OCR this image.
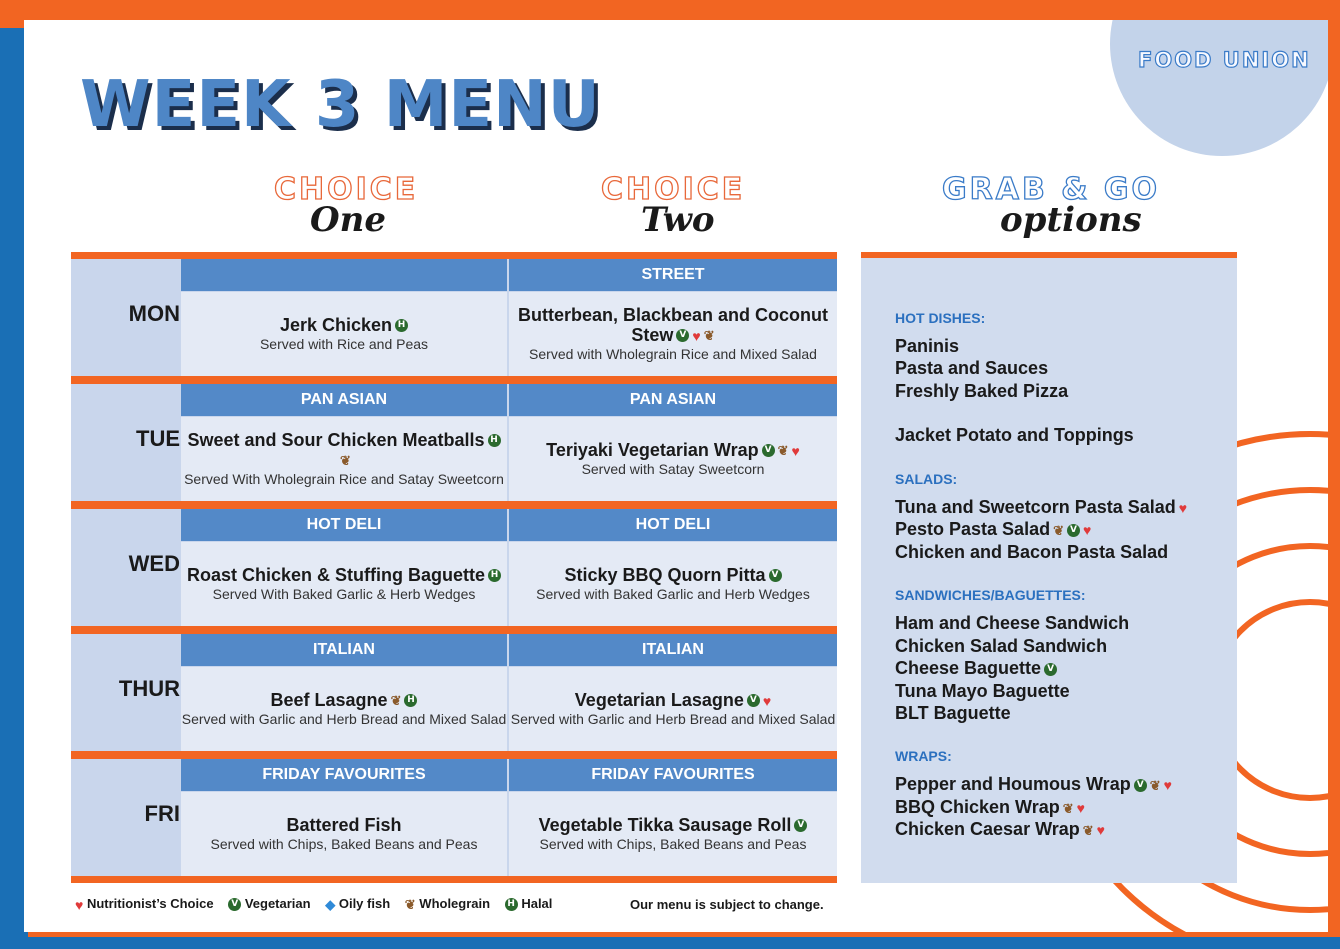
FOOD UNION
WEEK 3 MENU
CHOICE
One
CHOICE
Two
GRAB & GO
options
MON	Jerk Chicken H
Served with Rice and Peas
STREET
Butterbean, Blackbean and Coconut Stew V ♥ ❦
Served with Wholegrain Rice and Mixed Salad
TUE
PAN ASIAN
Sweet and Sour Chicken Meatballs H❦
Served With Wholegrain Rice and Satay Sweetcorn
PAN ASIAN
Teriyaki Vegetarian Wrap V ❦ ♥
Served with Satay Sweetcorn
WED
HOT DELI
Roast Chicken & Stuffing Baguette H
Served With Baked Garlic & Herb Wedges
HOT DELI
Sticky BBQ Quorn Pitta V
Served with Baked Garlic and Herb Wedges
THUR
ITALIAN
Beef Lasagne ❦ H
Served with Garlic and Herb Bread and Mixed Salad
ITALIAN
Vegetarian Lasagne V ♥
Served with Garlic and Herb Bread and Mixed Salad
FRI
FRIDAY FAVOURITES
Battered Fish
Served with Chips, Baked Beans and Peas
FRIDAY FAVOURITES
Vegetable Tikka Sausage Roll V
Served with Chips, Baked Beans and Peas
HOT DISHES:
Paninis
Pasta and Sauces
Freshly Baked Pizza
Jacket Potato and Toppings
SALADS:
SANDWICHES/BAGUETTES:
WRAPS:
Tuna and Sweetcorn Pasta Salad ♥
Pesto Pasta Salad ❦ V ♥
Chicken and Bacon Pasta Salad
Ham and Cheese Sandwich
Chicken Salad Sandwich
Cheese Baguette V
Tuna Mayo Baguette
BLT Baguette
Pepper and Houmous Wrap V ❦ ♥
BBQ Chicken Wrap ❦ ♥
Chicken Caesar Wrap ❦ ♥
♥ Nutritionist’s Choice V Vegetarian ◆ Oily fish ❦ Wholegrain H Halal	Our menu is subject to change.
